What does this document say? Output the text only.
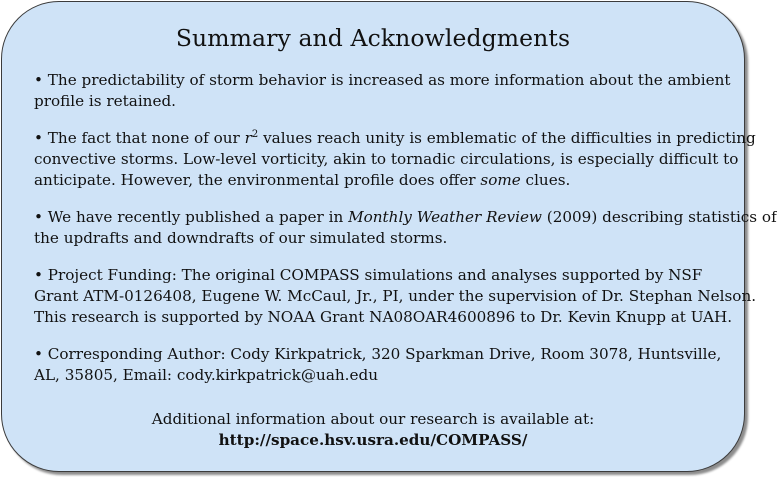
Summary and Acknowledgments
• The predictability of storm behavior is increased as more information about the ambient
profile is retained.
• The fact that none of our $r^2$ values reach unity is emblematic of the difficulties in predicting
convective storms. Low-level vorticity, akin to tornadic circulations, is especially difficult to
anticipate. However, the environmental profile does offer some clues.
• We have recently published a paper in Monthly Weather Review (2009) describing statistics of
the updrafts and downdrafts of our simulated storms.
• Project Funding: The original COMPASS simulations and analyses supported by NSF
Grant ATM-0126408, Eugene W. McCaul, Jr., PI, under the supervision of Dr. Stephan Nelson.
This research is supported by NOAA Grant NA08OAR4600896 to Dr. Kevin Knupp at UAH.
• Corresponding Author: Cody Kirkpatrick, 320 Sparkman Drive, Room 3078, Huntsville,
AL, 35805, Email: cody.kirkpatrick@uah.edu
Additional information about our research is available at:
http://space.hsv.usra.edu/COMPASS/
